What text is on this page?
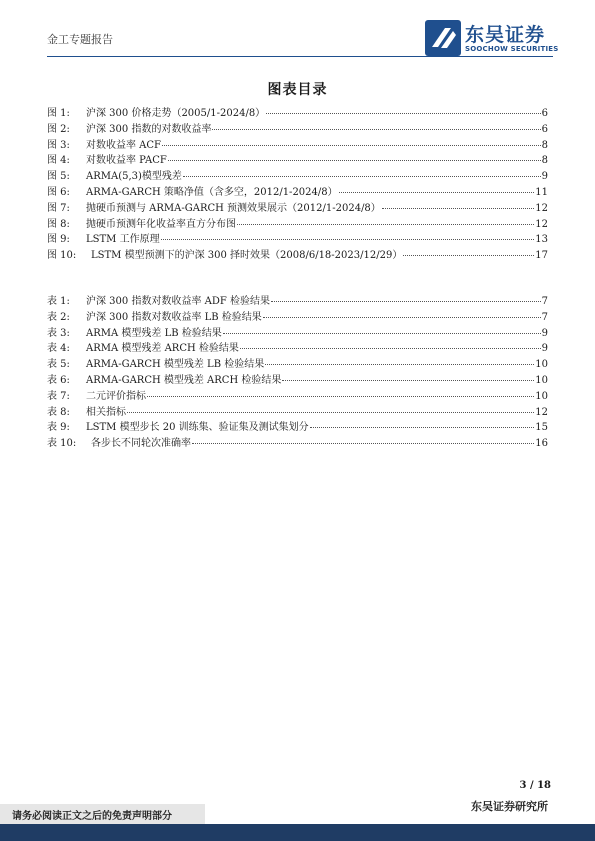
金工专题报告	东吴证券
SOOCHOW SECURITIES
图表目录
图 1:	沪深 300 价格走势（2005/1-2024/8）	6
图 2:	沪深 300 指数的对数收益率	6
图 3:	对数收益率 ACF	8
图 4:	对数收益率 PACF	8
图 5:	ARMA(5,3)模型残差	9
图 6:	ARMA-GARCH 策略净值（含多空，2012/1-2024/8）	11
图 7:	抛硬币预测与 ARMA-GARCH 预测效果展示（2012/1-2024/8）	12
图 8:	抛硬币预测年化收益率直方分布图	12
图 9:	LSTM 工作原理	13
图 10:	LSTM 模型预测下的沪深 300 择时效果（2008/6/18-2023/12/29）	17
表 1:	沪深 300 指数对数收益率 ADF 检验结果	7
表 2:	沪深 300 指数对数收益率 LB 检验结果	7
表 3:	ARMA 模型残差 LB 检验结果	9
表 4:	ARMA 模型残差 ARCH 检验结果	9
表 5:	ARMA-GARCH 模型残差 LB 检验结果	10
表 6:	ARMA-GARCH 模型残差 ARCH 检验结果	10
表 7:	二元评价指标	10
表 8:	相关指标	12
表 9:	LSTM 模型步长 20 训练集、验证集及测试集划分	15
表 10:	各步长不同轮次准确率	16
3 / 18
东吴证券研究所
请务必阅读正文之后的免责声明部分
